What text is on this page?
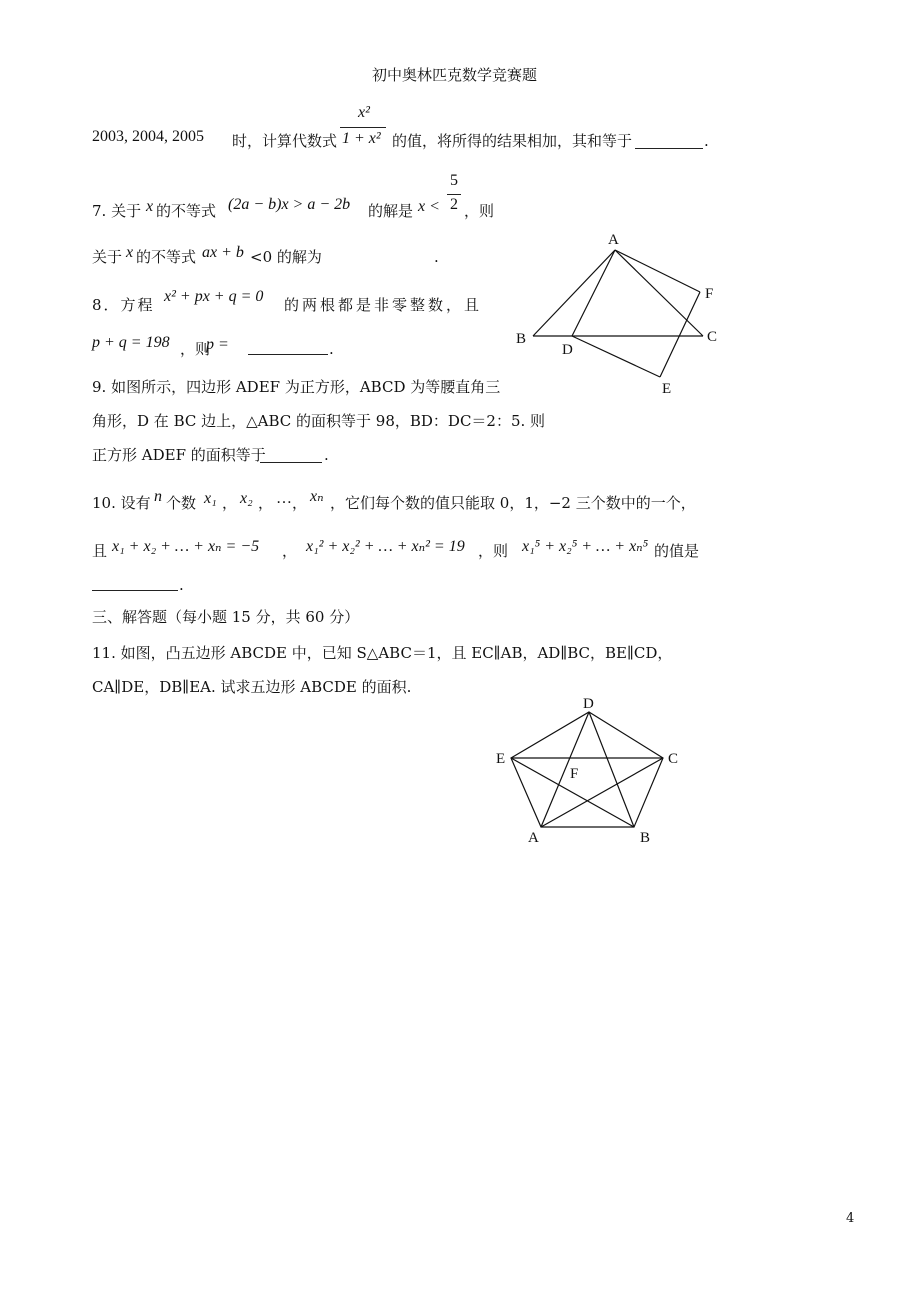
初中奥林匹克数学竞赛题
2003, 2004, 2005 时，计算代数式
x²
1 + x² 的值，将所得的结果相加，其和等于	.
7. 关于 x 的不等式 (2a − b)x > a − 2b 的解是 x <
5
2 ，则
关于 x 的不等式 ax + b <0 的解为	.
8．方程 x² + px + q = 0 的两根都是非零整数，且
p + q = 198 ，则
p =	.
9. 如图所示，四边形 ADEF 为正方形，ABCD 为等腰直角三
角形，D 在 BC 边上，△ABC 的面积等于 98，BD：DC＝2：5. 则
正方形 ADEF 的面积等于	.
A
B	C
D
E
F
10. 设有 n 个数 x₁ ， x₂ ， … ， xₙ ，它们每个数的值只能取 0，1，−2 三个数中的一个，
且 x₁ + x₂ + … + xₙ = −5 ， x₁² + x₂² + … + xₙ² = 19 ，则 x₁⁵ + x₂⁵ + … + xₙ⁵ 的值是
.
三、解答题（每小题 15 分，共 60 分）
11. 如图，凸五边形 ABCDE 中，已知 S△ABC＝1，且 EC∥AB，AD∥BC，BE∥CD，
CA∥DE，DB∥EA. 试求五边形 ABCDE 的面积.
D
C
E
F
A	B
4
